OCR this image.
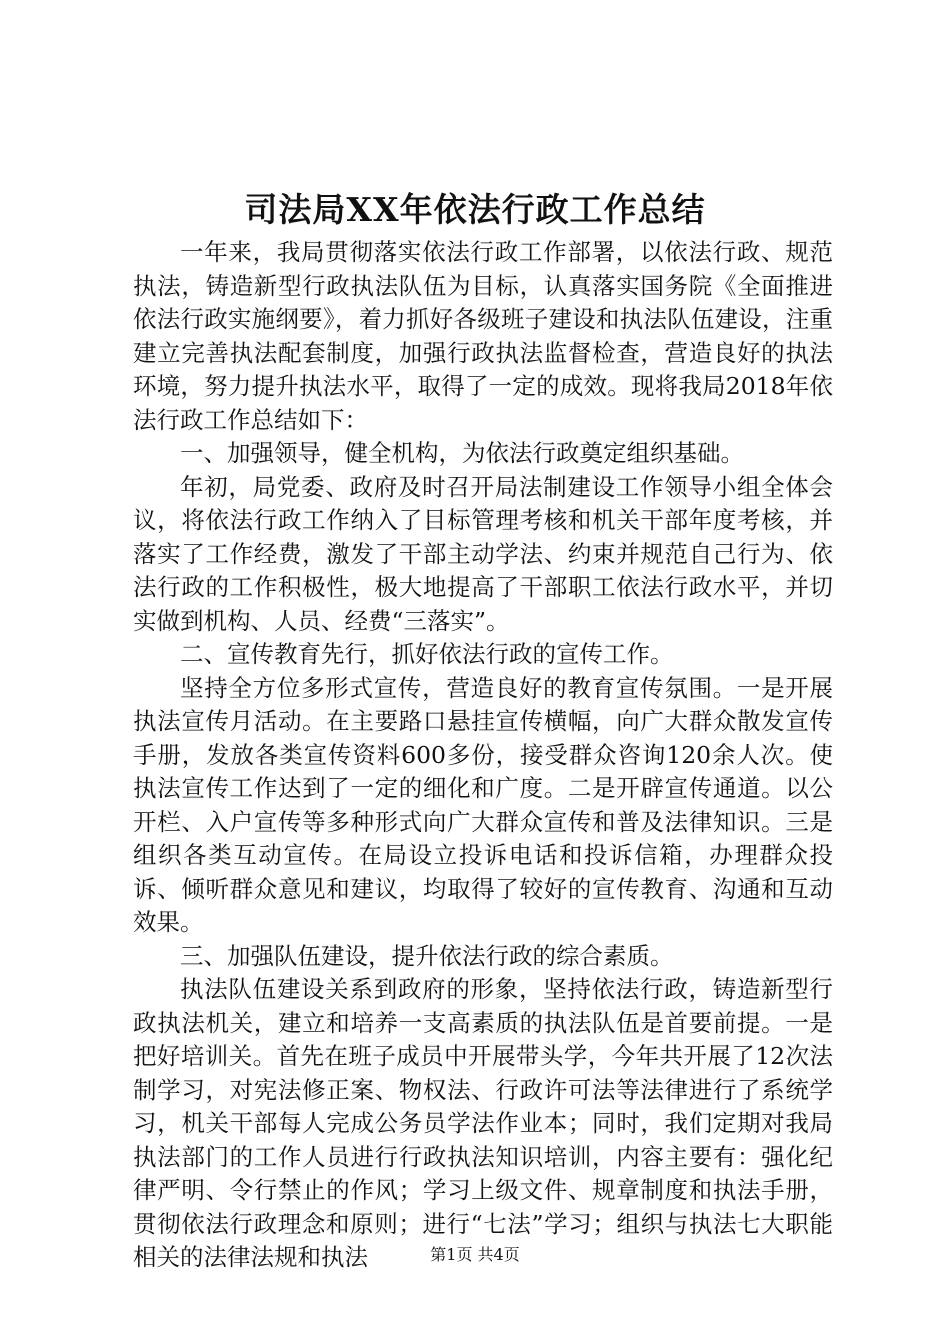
司法局XX年依法行政工作总结

一年来，我局贯彻落实依法行政工作部署，以依法行政、规范执法，铸造新型行政执法队伍为目标，认真落实国务院《全面推进依法行政实施纲要》，着力抓好各级班子建设和执法队伍建设，注重建立完善执法配套制度，加强行政执法监督检查，营造良好的执法环境，努力提升执法水平，取得了一定的成效。现将我局2018年依法行政工作总结如下：

一、加强领导，健全机构，为依法行政奠定组织基础。

年初，局党委、政府及时召开局法制建设工作领导小组全体会议，将依法行政工作纳入了目标管理考核和机关干部年度考核，并落实了工作经费，激发了干部主动学法、约束并规范自己行为、依法行政的工作积极性，极大地提高了干部职工依法行政水平，并切实做到机构、人员、经费“三落实”。

二、宣传教育先行，抓好依法行政的宣传工作。

坚持全方位多形式宣传，营造良好的教育宣传氛围。一是开展执法宣传月活动。在主要路口悬挂宣传横幅，向广大群众散发宣传手册，发放各类宣传资料600多份，接受群众咨询120余人次。使执法宣传工作达到了一定的细化和广度。二是开辟宣传通道。以公开栏、入户宣传等多种形式向广大群众宣传和普及法律知识。三是组织各类互动宣传。在局设立投诉电话和投诉信箱，办理群众投诉、倾听群众意见和建议，均取得了较好的宣传教育、沟通和互动效果。

三、加强队伍建设，提升依法行政的综合素质。

执法队伍建设关系到政府的形象，坚持依法行政，铸造新型行政执法机关，建立和培养一支高素质的执法队伍是首要前提。一是把好培训关。首先在班子成员中开展带头学，今年共开展了12次法制学习，对宪法修正案、物权法、行政许可法等法律进行了系统学习，机关干部每人完成公务员学法作业本；同时，我们定期对我局执法部门的工作人员进行行政执法知识培训，内容主要有：强化纪律严明、令行禁止的作风；学习上级文件、规章制度和执法手册，贯彻依法行政理念和原则；进行“七法”学习；组织与执法七大职能相关的法律法规和执法	第1页 共4页
